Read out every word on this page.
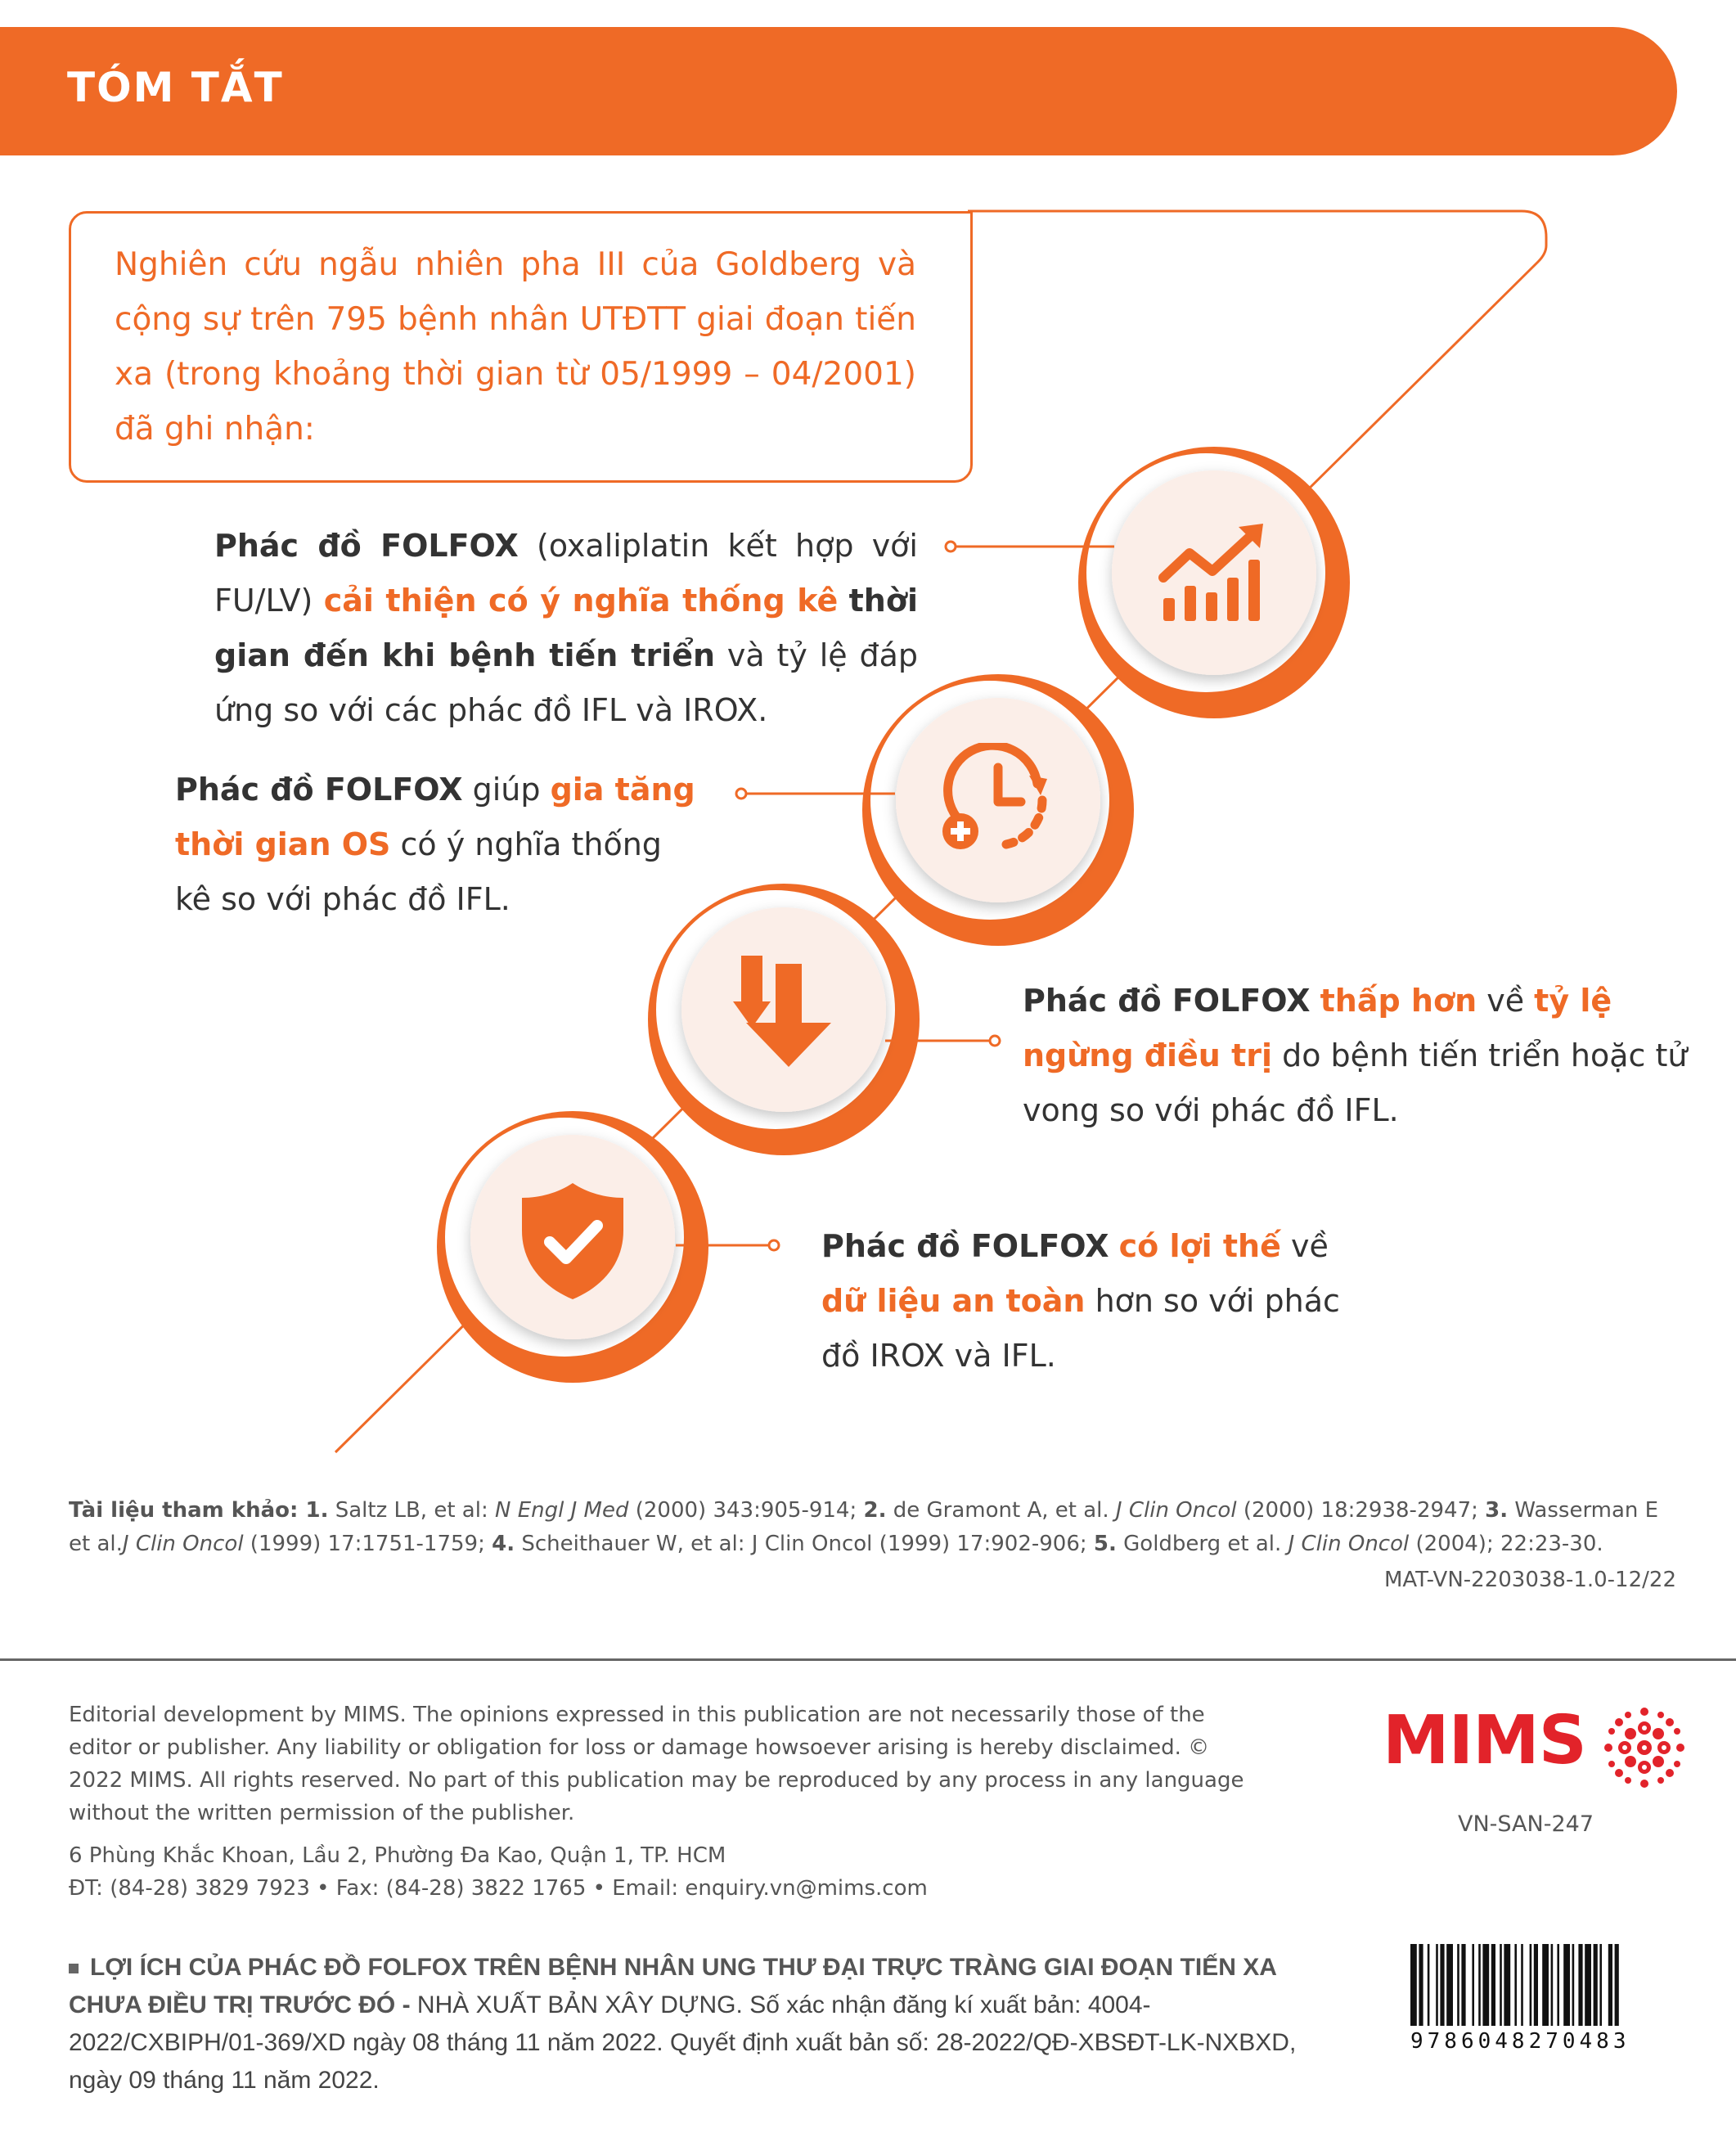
TÓM TẮT
Nghiên cứu ngẫu nhiên pha III của Goldberg và cộng sự trên 795 bệnh nhân UTĐTT giai đoạn tiến xa (trong khoảng thời gian từ 05/1999 – 04/2001) đã ghi nhận:
Phác đồ FOLFOX (oxaliplatin kết hợp với FU/LV) cải thiện có ý nghĩa thống kê thời gian đến khi bệnh tiến triển và tỷ lệ đáp ứng so với các phác đồ IFL và IROX.
Phác đồ FOLFOX giúp gia tăng thời gian OS có ý nghĩa thống kê so với phác đồ IFL.
Phác đồ FOLFOX thấp hơn về tỷ lệ ngừng điều trị do bệnh tiến triển hoặc tử vong so với phác đồ IFL.
Phác đồ FOLFOX có lợi thế về dữ liệu an toàn hơn so với phác đồ IROX và IFL.
Tài liệu tham khảo: 1. Saltz LB, et al: N Engl J Med (2000) 343:905-914; 2. de Gramont A, et al. J Clin Oncol (2000) 18:2938-2947; 3. Wasserman E et al.J Clin Oncol (1999) 17:1751-1759; 4. Scheithauer W, et al: J Clin Oncol (1999) 17:902-906; 5. Goldberg et al. J Clin Oncol (2004); 22:23-30.
MAT-VN-2203038-1.0-12/22
Editorial development by MIMS. The opinions expressed in this publication are not necessarily those of the editor or publisher. Any liability or obligation for loss or damage howsoever arising is hereby disclaimed. © 2022 MIMS. All rights reserved. No part of this publication may be reproduced by any process in any language without the written permission of the publisher.
6 Phùng Khắc Khoan, Lầu 2, Phường Đa Kao, Quận 1, TP. HCM
ĐT: (84-28) 3829 7923 • Fax: (84-28) 3822 1765 • Email: enquiry.vn@mims.com
MIMS
VN-SAN-247
LỢI ÍCH CỦA PHÁC ĐỒ FOLFOX TRÊN BỆNH NHÂN UNG THƯ ĐẠI TRỰC TRÀNG GIAI ĐOẠN TIẾN XA CHƯA ĐIỀU TRỊ TRƯỚC ĐÓ - NHÀ XUẤT BẢN XÂY DỰNG. Số xác nhận đăng kí xuất bản: 4004-2022/CXBIPH/01-369/XD ngày 08 tháng 11 năm 2022. Quyết định xuất bản số: 28-2022/QĐ-XBSĐT-LK-NXBXD, ngày 09 tháng 11 năm 2022.
9786048270483
